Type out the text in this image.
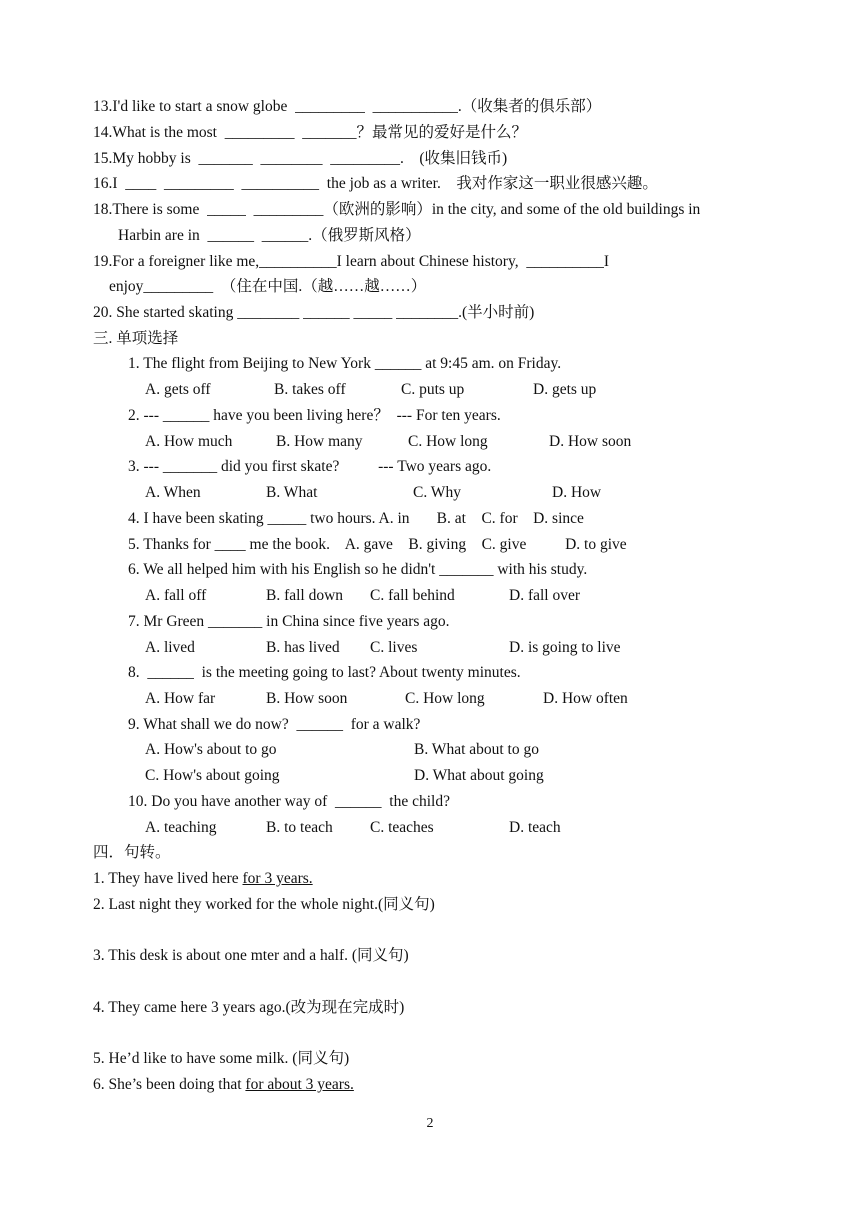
13.I'd like to start a snow globe  _________  ___________.（收集者的俱乐部）
14.What is the most  _________  _______？最常见的爱好是什么？
15.My hobby is  _______  ________  _________.    (收集旧钱币)
16.I  ____  _________  __________  the job as a writer.    我对作家这一职业很感兴趣。
18.There is some  _____  _________（欧洲的影响）in the city, and some of the old buildings in
Harbin are in  ______  ______.（俄罗斯风格）
19.For a foreigner like me,__________I learn about Chinese history,  __________I
enjoy_________  （住在中国.（越……越……）
20. She started skating ________ ______ _____ ________.(半小时前)
三. 单项选择
1. The flight from Beijing to New York ______ at 9:45 am. on Friday.
A. gets off	B. takes off	C. puts up	D. gets up
2. --- ______ have you been living here？  --- For ten years.
A. How much	B. How many	C. How long	D. How soon
3. --- _______ did you first skate?          --- Two years ago.
A. When	B. What	C. Why	D. How
4. I have been skating _____ two hours. A. in       B. at    C. for    D. since
5. Thanks for ____ me the book.    A. gave    B. giving    C. give          D. to give
6. We all helped him with his English so he didn't _______ with his study.
A. fall off	B. fall down C. fall behind	D. fall over
7. Mr Green _______ in China since five years ago.
A. lived	B. has lived C. lives	D. is going to live
8.  ______  is the meeting going to last? About twenty minutes.
A. How far	B. How soon	C. How long	D. How often
9. What shall we do now?  ______  for a walk?
A. How's about to go	B. What about to go
C. How's about going	D. What about going
10. Do you have another way of  ______  the child?
A. teaching	B. to teach C. teaches	D. teach
四．句转。
1. They have lived here for 3 years.
2. Last night they worked for the whole night.(同义句)
3. This desk is about one mter and a half. (同义句)
4. They came here 3 years ago.(改为现在完成时)
5. He’d like to have some milk. (同义句)
6. She’s been doing that for about 3 years.
2
